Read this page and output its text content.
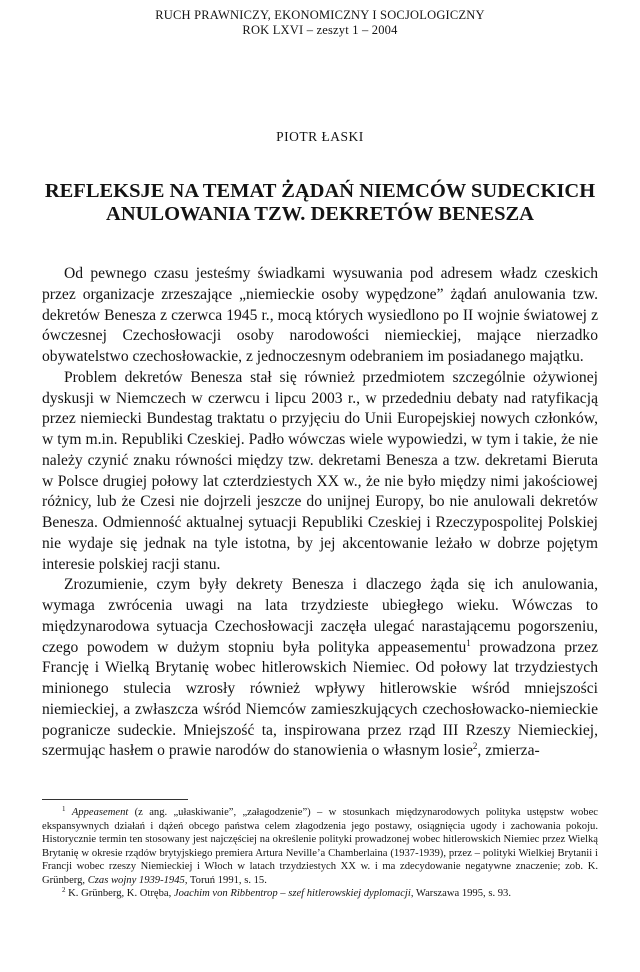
RUCH PRAWNICZY, EKONOMICZNY I SOCJOLOGICZNY
ROK LXVI – zeszyt 1 – 2004
PIOTR ŁASKI
REFLEKSJE NA TEMAT ŻĄDAŃ NIEMCÓW SUDECKICH
ANULOWANIA TZW. DEKRETÓW BENESZA

Od pewnego czasu jesteśmy świadkami wysuwania pod adresem władz czeskich przez organizacje zrzeszające „niemieckie osoby wypędzone” żądań anulowania tzw. dekretów Benesza z czerwca 1945 r., mocą których wysiedlono po II wojnie światowej z ówczesnej Czechosłowacji osoby narodowości niemieckiej, mające nierzadko obywatelstwo czechosłowackie, z jednoczesnym odebraniem im posiadanego majątku.

Problem dekretów Benesza stał się również przedmiotem szczególnie ożywionej dyskusji w Niemczech w czerwcu i lipcu 2003 r., w przededniu debaty nad ratyfikacją przez niemiecki Bundestag traktatu o przyjęciu do Unii Europejskiej nowych członków, w tym m.in. Republiki Czeskiej. Padło wówczas wiele wypowiedzi, w tym i takie, że nie należy czynić znaku równości między tzw. dekretami Benesza a tzw. dekretami Bieruta w Polsce drugiej połowy lat czterdziestych XX w., że nie było między nimi jakościowej różnicy, lub że Czesi nie dojrzeli jeszcze do unijnej Europy, bo nie anulowali dekretów Benesza. Odmienność aktualnej sytuacji Republiki Czeskiej i Rzeczypospolitej Polskiej nie wydaje się jednak na tyle istotna, by jej akcentowanie leżało w dobrze pojętym interesie polskiej racji stanu.

Zrozumienie, czym były dekrety Benesza i dlaczego żąda się ich anulowania, wymaga zwrócenia uwagi na lata trzydzieste ubiegłego wieku. Wówczas to międzynarodowa sytuacja Czechosłowacji zaczęła ulegać narastającemu pogorszeniu, czego powodem w dużym stopniu była polityka appeasementu$^1$ prowadzona przez Francję i Wielką Brytanię wobec hitlerowskich Niemiec. Od połowy lat trzydziestych minionego stulecia wzrosły również wpływy hitlerowskie wśród mniejszości niemieckiej, a zwłaszcza wśród Niemców zamieszkujących czechosłowacko-niemieckie pogranicze sudeckie. Mniejszość ta, inspirowana przez rząd III Rzeszy Niemieckiej, szermując hasłem o prawie narodów do stanowienia o własnym losie$^2$, zmierza-

$^1$ Appeasement (z ang. „ułaskiwanie”, „załagodzenie”) – w stosunkach międzynarodowych polityka ustępstw wobec ekspansywnych działań i dążeń obcego państwa celem złagodzenia jego postawy, osiągnięcia ugody i zachowania pokoju. Historycznie termin ten stosowany jest najczęściej na określenie polityki prowadzonej wobec hitlerowskich Niemiec przez Wielką Brytanię w okresie rządów brytyjskiego premiera Artura Neville’a Chamberlaina (1937-1939), przez – polityki Wielkiej Brytanii i Francji wobec rzeszy Niemieckiej i Włoch w latach trzydziestych XX w. i ma zdecydowanie negatywne znaczenie; zob. K. Grünberg, Czas wojny 1939-1945, Toruń 1991, s. 15.

$^2$ K. Grünberg, K. Otręba, Joachim von Ribbentrop – szef hitlerowskiej dyplomacji, Warszawa 1995, s. 93.
